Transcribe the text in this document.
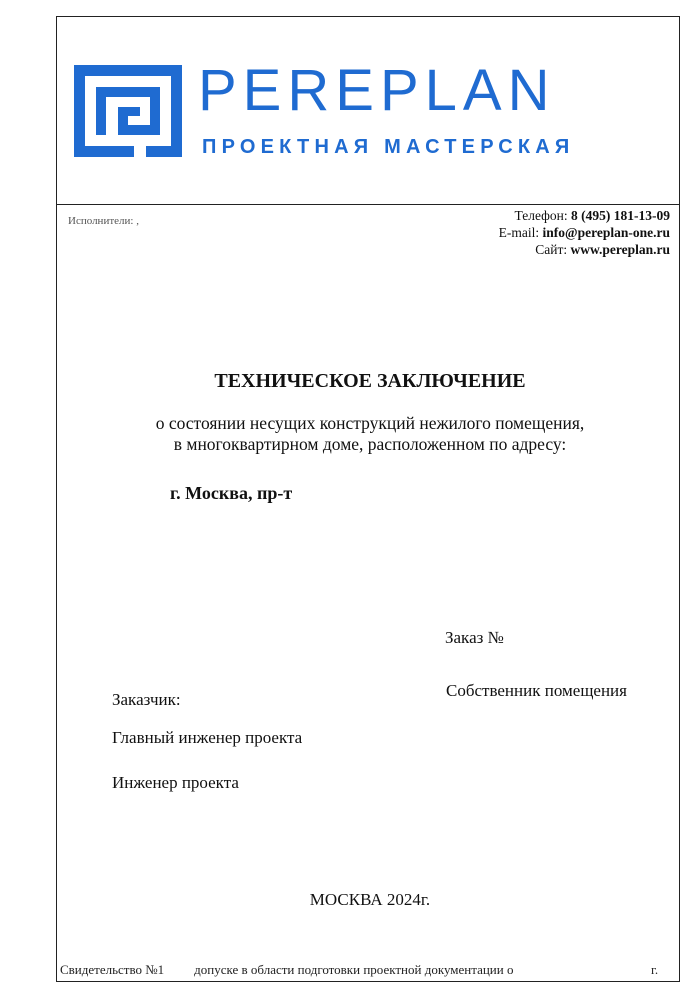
PEREPLAN
ПРОЕКТНАЯ МАСТЕРСКАЯ
Исполнители: ,	Телефон: 8 (495) 181-13-09
E-mail: info@pereplan-one.ru
Сайт: www.pereplan.ru
ТЕХНИЧЕСКОЕ ЗАКЛЮЧЕНИЕ
о состоянии несущих конструкций нежилого помещения,
в многоквартирном доме, расположенном по адресу:
г. Москва, пр-т
Заказ №
Собственник помещения
Заказчик:
Главный инженер проекта
Инженер проекта
МОСКВА 2024г.
Свидетельство №1 допуске в области подготовки проектной документации о	г.
